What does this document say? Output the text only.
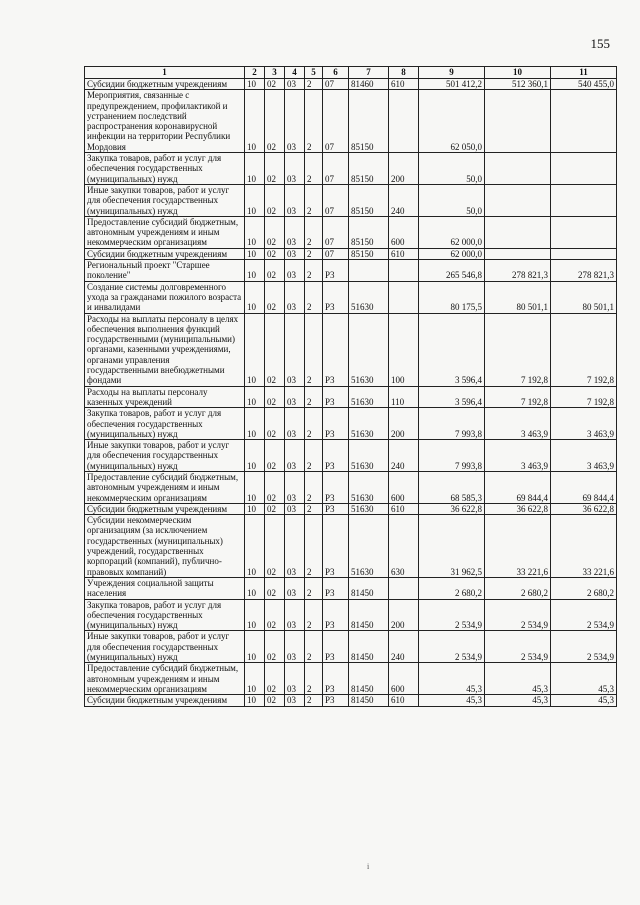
155
1	2	3	4	5	6	7	8	9	10	11
Субсидии бюджетным учреждениям	10	02	03	2	07	81460	610	501 412,2	512 360,1	540 455,0
Мероприятия, связанные с предупреждением, профилактикой и устранением последствий распространения коронавирусной инфекции на территории Республики Мордовия	10	02	03	2	07	85150		62 050,0		
Закупка товаров, работ и услуг для обеспечения государственных (муниципальных) нужд	10	02	03	2	07	85150	200	50,0		
Иные закупки товаров, работ и услуг для обеспечения государственных (муниципальных) нужд	10	02	03	2	07	85150	240	50,0		
Предоставление субсидий бюджетным, автономным учреждениям и иным некоммерческим организациям	10	02	03	2	07	85150	600	62 000,0		
Субсидии бюджетным учреждениям	10	02	03	2	07	85150	610	62 000,0		
Региональный проект "Старшее поколение"	10	02	03	2	P3			265 546,8	278 821,3	278 821,3
Создание системы долговременного ухода за гражданами пожилого возраста и инвалидами	10	02	03	2	P3	51630		80 175,5	80 501,1	80 501,1
Расходы на выплаты персоналу в целях обеспечения выполнения функций государственными (муниципальными) органами, казенными учреждениями, органами управления государственными внебюджетными фондами	10	02	03	2	P3	51630	100	3 596,4	7 192,8	7 192,8
Расходы на выплаты персоналу казенных учреждений	10	02	03	2	P3	51630	110	3 596,4	7 192,8	7 192,8
Закупка товаров, работ и услуг для обеспечения государственных (муниципальных) нужд	10	02	03	2	P3	51630	200	7 993,8	3 463,9	3 463,9
Иные закупки товаров, работ и услуг для обеспечения государственных (муниципальных) нужд	10	02	03	2	P3	51630	240	7 993,8	3 463,9	3 463,9
Предоставление субсидий бюджетным, автономным учреждениям и иным некоммерческим организациям	10	02	03	2	P3	51630	600	68 585,3	69 844,4	69 844,4
Субсидии бюджетным учреждениям	10	02	03	2	P3	51630	610	36 622,8	36 622,8	36 622,8
Субсидии некоммерческим организациям (за исключением государственных (муниципальных) учреждений, государственных корпораций (компаний), публично-правовых компаний)	10	02	03	2	P3	51630	630	31 962,5	33 221,6	33 221,6
Учреждения социальной защиты населения	10	02	03	2	P3	81450		2 680,2	2 680,2	2 680,2
Закупка товаров, работ и услуг для обеспечения государственных (муниципальных) нужд	10	02	03	2	P3	81450	200	2 534,9	2 534,9	2 534,9
Иные закупки товаров, работ и услуг для обеспечения государственных (муниципальных) нужд	10	02	03	2	P3	81450	240	2 534,9	2 534,9	2 534,9
Предоставление субсидий бюджетным, автономным учреждениям и иным некоммерческим организациям	10	02	03	2	P3	81450	600	45,3	45,3	45,3
Субсидии бюджетным учреждениям	10	02	03	2	P3	81450	610	45,3	45,3	45,3
i
